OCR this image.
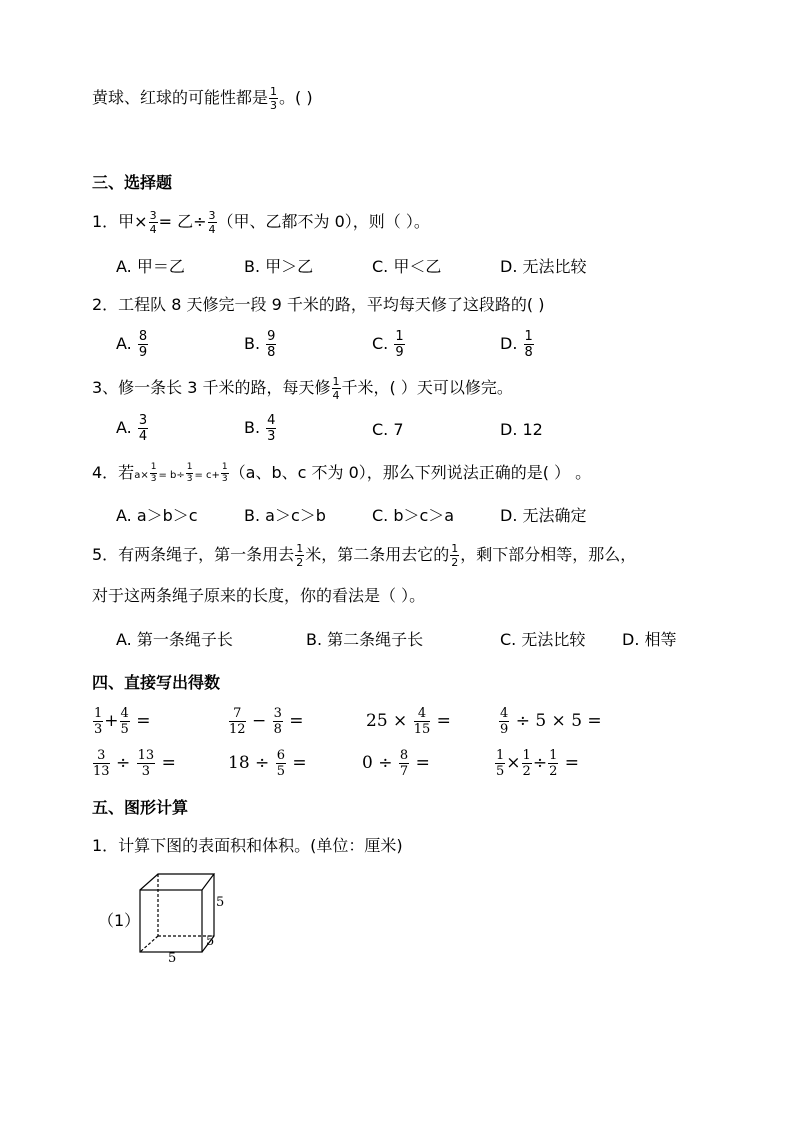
黄球、红球的可能性都是 $\frac{1}{3}$ 。( )
三、选择题
1．甲× $\frac{3}{4}$ = 乙÷ $\frac{3}{4}$ （甲、乙都不为 0），则（ ）。
A. 甲＝乙	B. 甲＞乙	C. 甲＜乙	D. 无法比较
2．工程队 8 天修完一段 9 千米的路，平均每天修了这段路的( )
A. $\frac{8}{9}$	B. $\frac{9}{8}$	C. $\frac{1}{9}$	D. $\frac{1}{8}$
3、修一条长 3 千米的路，每天修 $\frac{1}{4}$ 千米，( ）天可以修完。
A. $\frac{3}{4}$	B. $\frac{4}{3}$	C. 7	D. 12
4．若$a\times \frac{1}{3} = b\div \frac{1}{3} = c+ \frac{1}{3} (a$、b、c 不为 0），那么下列说法正确的是( ） 。
A. a＞b＞c	B. a＞c＞b	C. b＞c＞a	D. 无法确定
5．有两条绳子，第一条用去 $\frac{1}{2}$ 米，第二条用去它的 $\frac{1}{2}$ ，剩下部分相等，那么，
对于这两条绳子原来的长度，你的看法是（ ）。
A. 第一条绳子长	B. 第二条绳子长	C. 无法比较 D. 相等
四、直接写出得数
$\frac{1}{3} + \frac{4}{5}$ =	$\frac{7}{12} - \frac{3}{8}$ =	$25 \times \frac{4}{15}$ =	$\frac{4}{9} \div 5 \times 5$ =
$\frac{3}{13} \div \frac{13}{3}$ =	$18 \div \frac{6}{5}$ =	$0 \div \frac{8}{7}$ =	$\frac{1}{5} \times \frac{1}{2} \div \frac{1}{2}$ =
五、图形计算
1．计算下图的表面积和体积。(单位：厘米)
（1）
5
5
5
